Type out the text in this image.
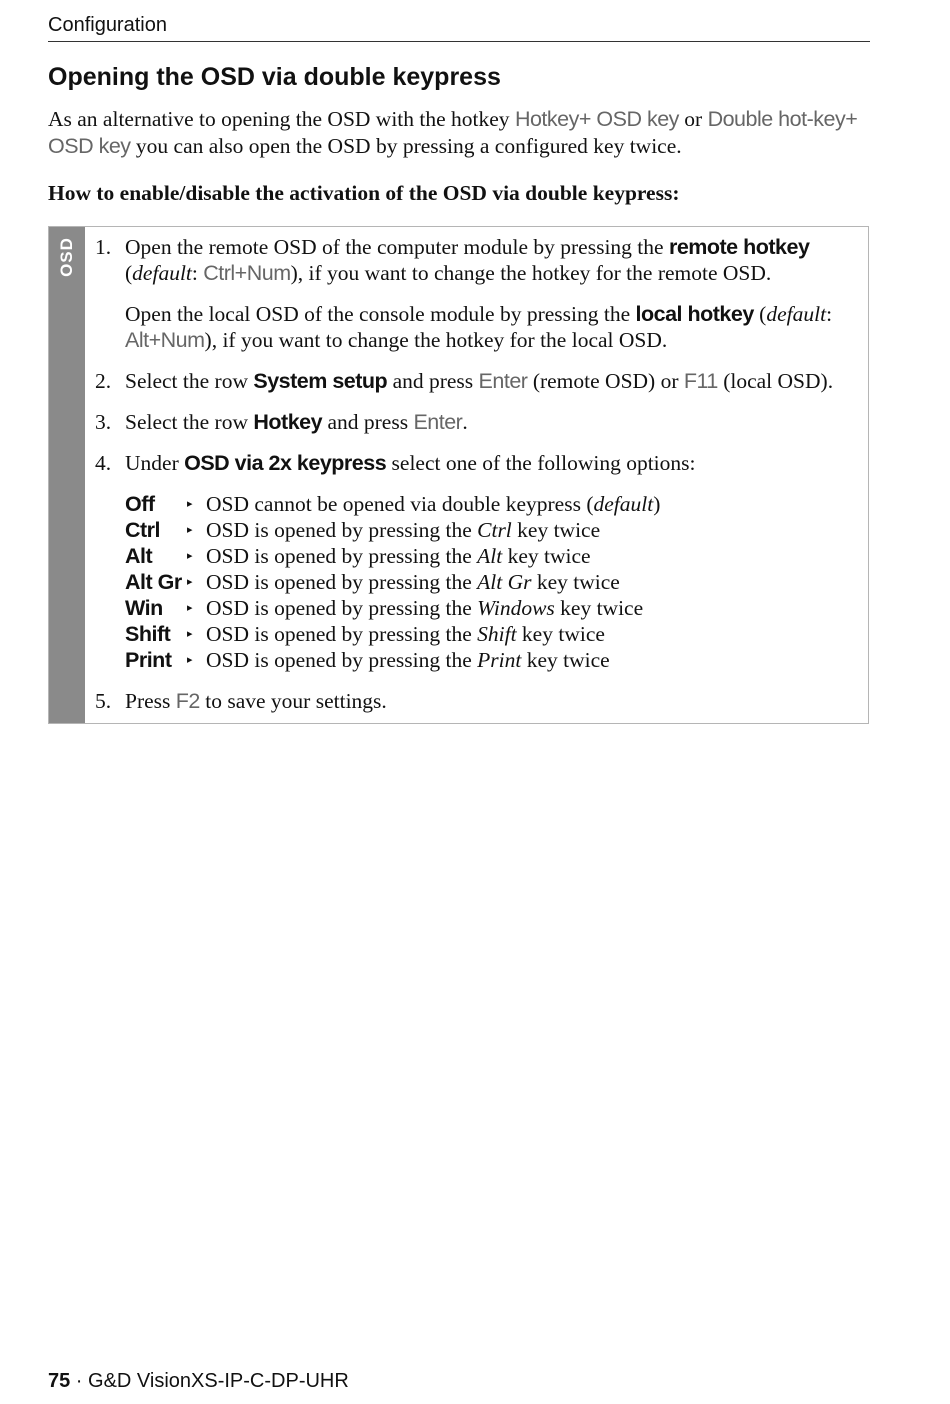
Configuration
Opening the OSD via double keypress
As an alternative to opening the OSD with the hotkey Hotkey+ OSD key or Double hot-key+ OSD key you can also open the OSD by pressing a configured key twice.
How to enable/disable the activation of the OSD via double keypress:
OSD 1. Open the remote OSD of the computer module by pressing the remote hotkey (default: Ctrl+Num), if you want to change the hotkey for the remote OSD.
Open the local OSD of the console module by pressing the local hotkey (default: Alt+Num), if you want to change the hotkey for the local OSD.
2. Select the row System setup and press Enter (remote OSD) or F11 (local OSD).
3. Select the row Hotkey and press Enter.
4. Under OSD via 2x keypress select one of the following options:
Off	▸ OSD cannot be opened via double keypress (default)
Ctrl ▸ OSD is opened by pressing the Ctrl key twice
Alt	▸ OSD is opened by pressing the Alt key twice
Alt Gr ▸ OSD is opened by pressing the Alt Gr key twice
Win ▸ OSD is opened by pressing the Windows key twice
Shift ▸ OSD is opened by pressing the Shift key twice
Print ▸ OSD is opened by pressing the Print key twice
5. Press F2 to save your settings.
75 · G&D VisionXS-IP-C-DP-UHR
